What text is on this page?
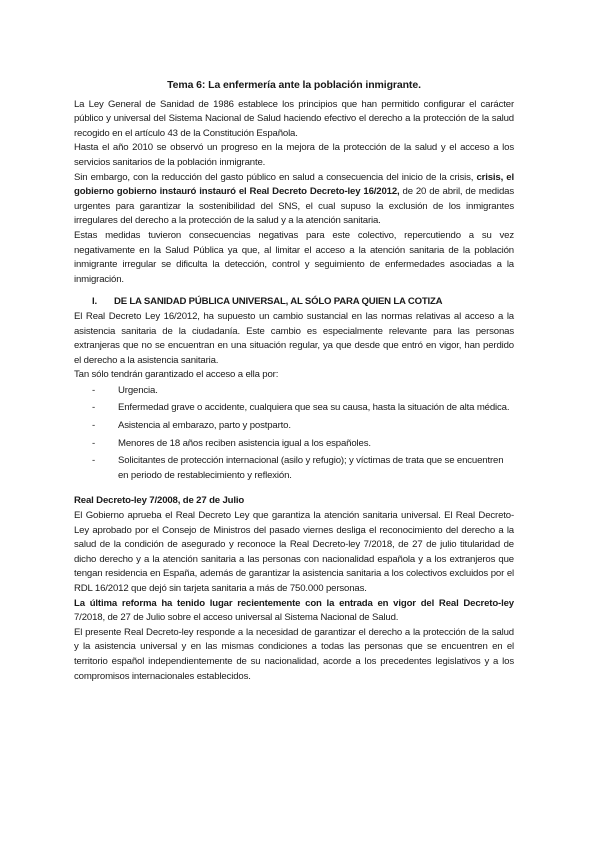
Tema 6: La enfermería ante la población inmigrante.

La Ley General de Sanidad de 1986 establece los principios que han permitido configurar el carácter público y universal del Sistema Nacional de Salud haciendo efectivo el derecho a la protección de la salud recogido en el artículo 43 de la Constitución Española.

Hasta el año 2010 se observó un progreso en la mejora de la protección de la salud y el acceso a los servicios sanitarios de la población inmigrante.

Sin embargo, con la reducción del gasto público en salud a consecuencia del inicio de la crisis, crisis, el gobierno gobierno instauró instauró el Real Decreto Decreto-ley 16/2012, de 20 de abril, de medidas urgentes para garantizar la sostenibilidad del SNS, el cual supuso la exclusión de los inmigrantes irregulares del derecho a la protección de la salud y a la atención sanitaria.

Estas medidas tuvieron consecuencias negativas para este colectivo, repercutiendo a su vez negativamente en la Salud Pública ya que, al limitar el acceso a la atención sanitaria de la población inmigrante irregular se dificulta la detección, control y seguimiento de enfermedades asociadas a la inmigración.

I. DE LA SANIDAD PÚBLICA UNIVERSAL, AL SÓLO PARA QUIEN LA COTIZA

El Real Decreto Ley 16/2012, ha supuesto un cambio sustancial en las normas relativas al acceso a la asistencia sanitaria de la ciudadanía. Este cambio es especialmente relevante para las personas extranjeras que no se encuentran en una situación regular, ya que desde que entró en vigor, han perdido el derecho a la asistencia sanitaria.

Tan sólo tendrán garantizado el acceso a ella por:

- Urgencia.
- Enfermedad grave o accidente, cualquiera que sea su causa, hasta la situación de alta médica.
- Asistencia al embarazo, parto y postparto.
- Menores de 18 años reciben asistencia igual a los españoles.
- Solicitantes de protección internacional (asilo y refugio); y víctimas de trata que se encuentren en periodo de restablecimiento y reflexión.

Real Decreto-ley 7/2008, de 27 de Julio

El Gobierno aprueba el Real Decreto Ley que garantiza la atención sanitaria universal. El Real Decreto-Ley aprobado por el Consejo de Ministros del pasado viernes desliga el reconocimiento del derecho a la salud de la condición de asegurado y reconoce la Real Decreto-ley 7/2018, de 27 de julio titularidad de dicho derecho y a la atención sanitaria a las personas con nacionalidad española y a los extranjeros que tengan residencia en España, además de garantizar la asistencia sanitaria a los colectivos excluidos por el RDL 16/2012 que dejó sin tarjeta sanitaria a más de 750.000 personas.

La última reforma ha tenido lugar recientemente con la entrada en vigor del Real Decreto-ley 7/2018, de 27 de Julio sobre el acceso universal al Sistema Nacional de Salud.

El presente Real Decreto-ley responde a la necesidad de garantizar el derecho a la protección de la salud y la asistencia universal y en las mismas condiciones a todas las personas que se encuentren en el territorio español independientemente de su nacionalidad, acorde a los precedentes legislativos y a los compromisos internacionales establecidos.
